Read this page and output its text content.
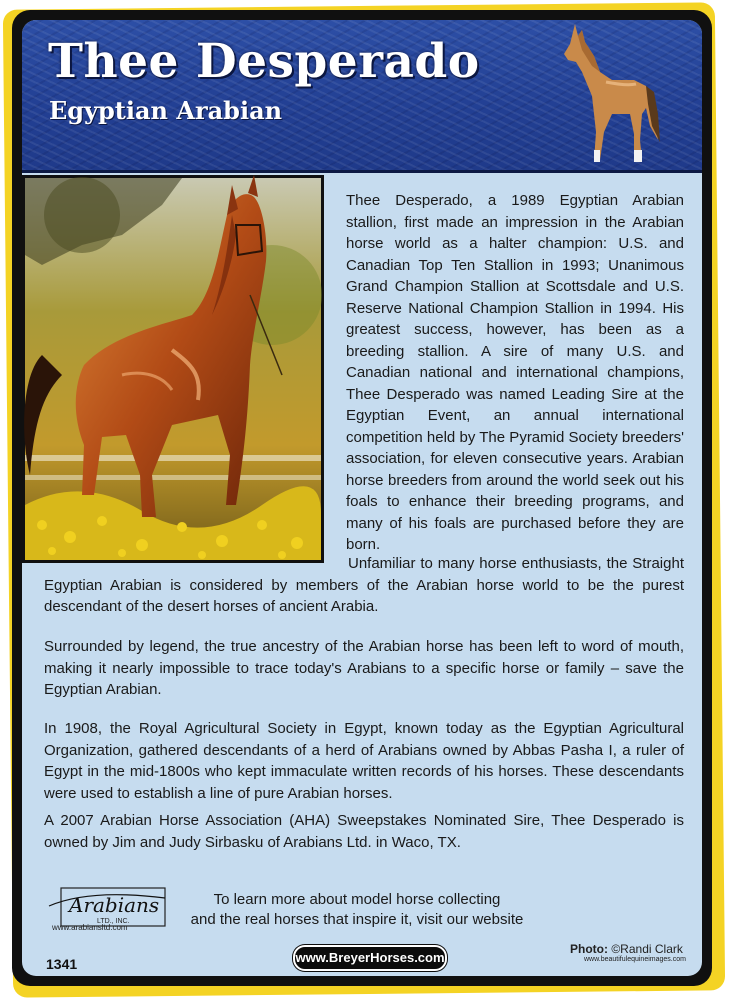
Thee Desperado
Egyptian Arabian

Thee Desperado, a 1989 Egyptian Arabian stallion, first made an impression in the Arabian horse world as a halter champion: U.S. and Canadian Top Ten Stallion in 1993; Unanimous Grand Champion Stallion at Scottsdale and U.S. Reserve National Champion Stallion in 1994. His greatest success, however, has been as a breeding stallion. A sire of many U.S. and Canadian national and international champions, Thee Desperado was named Leading Sire at the Egyptian Event, an annual international competition held by The Pyramid Society breeders' association, for eleven consecutive years. Arabian horse breeders from around the world seek out his foals to enhance their breeding programs, and many of his foals are purchased before they are born.

Unfamiliar to many horse enthusiasts, the Straight Egyptian Arabian is considered by members of the Arabian horse world to be the purest descendant of the desert horses of ancient Arabia.

Surrounded by legend, the true ancestry of the Arabian horse has been left to word of mouth, making it nearly impossible to trace today's Arabians to a specific horse or family – save the Egyptian Arabian.

In 1908, the Royal Agricultural Society in Egypt, known today as the Egyptian Agricultural Organization, gathered descendants of a herd of Arabians owned by Abbas Pasha I, a ruler of Egypt in the mid-1800s who kept immaculate written records of his horses. These descendants were used to establish a line of pure Arabian horses.

A 2007 Arabian Horse Association (AHA) Sweepstakes Nominated Sire, Thee Desperado is owned by Jim and Judy Sirbasku of Arabians Ltd. in Waco, TX.

Arabians
LTD., INC.
www.arabiansltd.com
To learn more about model horse collecting
and the real horses that inspire it, visit our website
www.BreyerHorses.com
1341
Photo: ©Randi Clark
www.beautifulequineimages.com
